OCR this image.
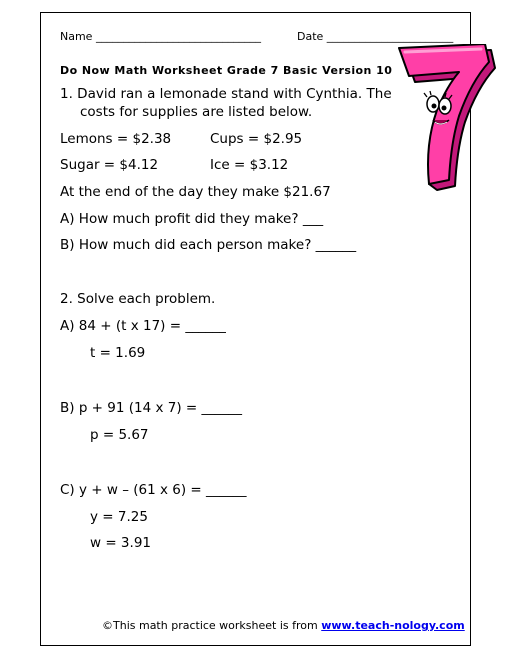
Name ______________________________	Date _______________________
Do Now Math Worksheet Grade 7 Basic Version 10
1. David ran a lemonade stand with Cynthia. The
costs for supplies are listed below.
Lemons = $2.38	Cups = $2.95
Sugar = $4.12	Ice = $3.12
At the end of the day they make $21.67
A) How much profit did they make? ___
B) How much did each person make? ______
2. Solve each problem.
A) 84 + (t x 17) = ______
t = 1.69
B) p + 91 (14 x 7) = ______
p = 5.67
C) y + w – (61 x 6) = ______
y = 7.25
w = 3.91
©This math practice worksheet is from www.teach-nology.com
